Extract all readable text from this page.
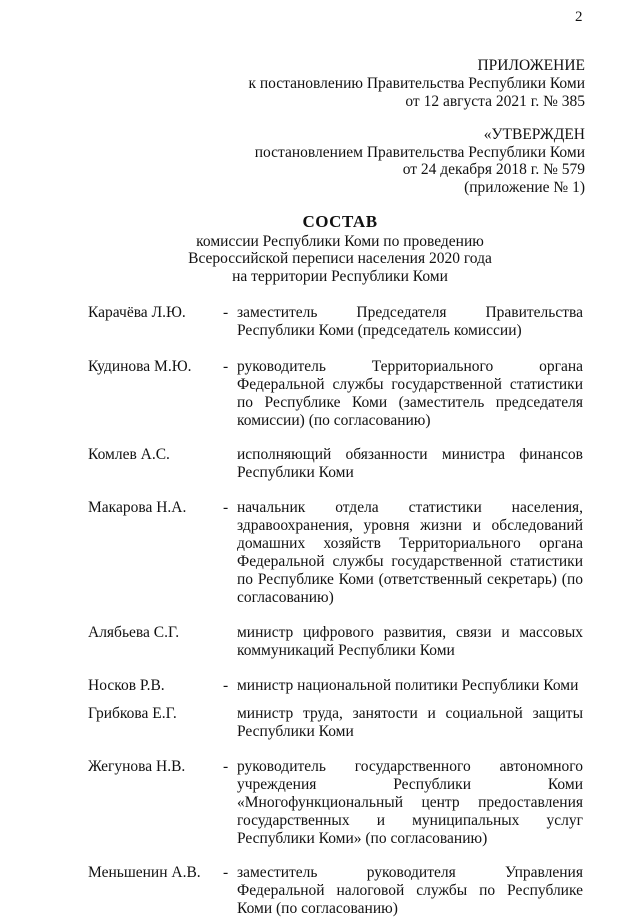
2
ПРИЛОЖЕНИЕ
к постановлению Правительства Республики Коми
от 12 августа 2021 г. № 385
«УТВЕРЖДЕН
постановлением Правительства Республики Коми
от 24 декабря 2018 г. № 579
(приложение № 1)
СОСТАВ
комиссии Республики Коми по проведению
Всероссийской переписи населения 2020 года
на территории Республики Коми
Карачёва Л.Ю.	- заместитель Председателя Правительства Республики Коми (председатель комиссии)
Кудинова М.Ю.	- руководитель Территориального органа Федеральной службы государственной статистики по Республике Коми (заместитель председателя комиссии) (по согласованию)
Комлев А.С.	исполняющий обязанности министра финансов Республики Коми
Макарова Н.А.	- начальник отдела статистики населения, здравоохранения, уровня жизни и обследований домашних хозяйств Территориального органа Федеральной службы государственной статистики по Республике Коми (ответственный секретарь) (по согласованию)
Алябьева С.Г.	министр цифрового развития, связи и массовых коммуникаций Республики Коми
Носков Р.В.	- министр национальной политики Республики Коми
Грибкова Е.Г.	министр труда, занятости и социальной защиты Республики Коми
Жегунова Н.В.	- руководитель государственного автономного учреждения Республики Коми «Многофункциональный центр предоставления государственных и муниципальных услуг Республики Коми» (по согласованию)
Меньшенин А.В.	- заместитель руководителя Управления Федеральной налоговой службы по Республике Коми (по согласованию)
